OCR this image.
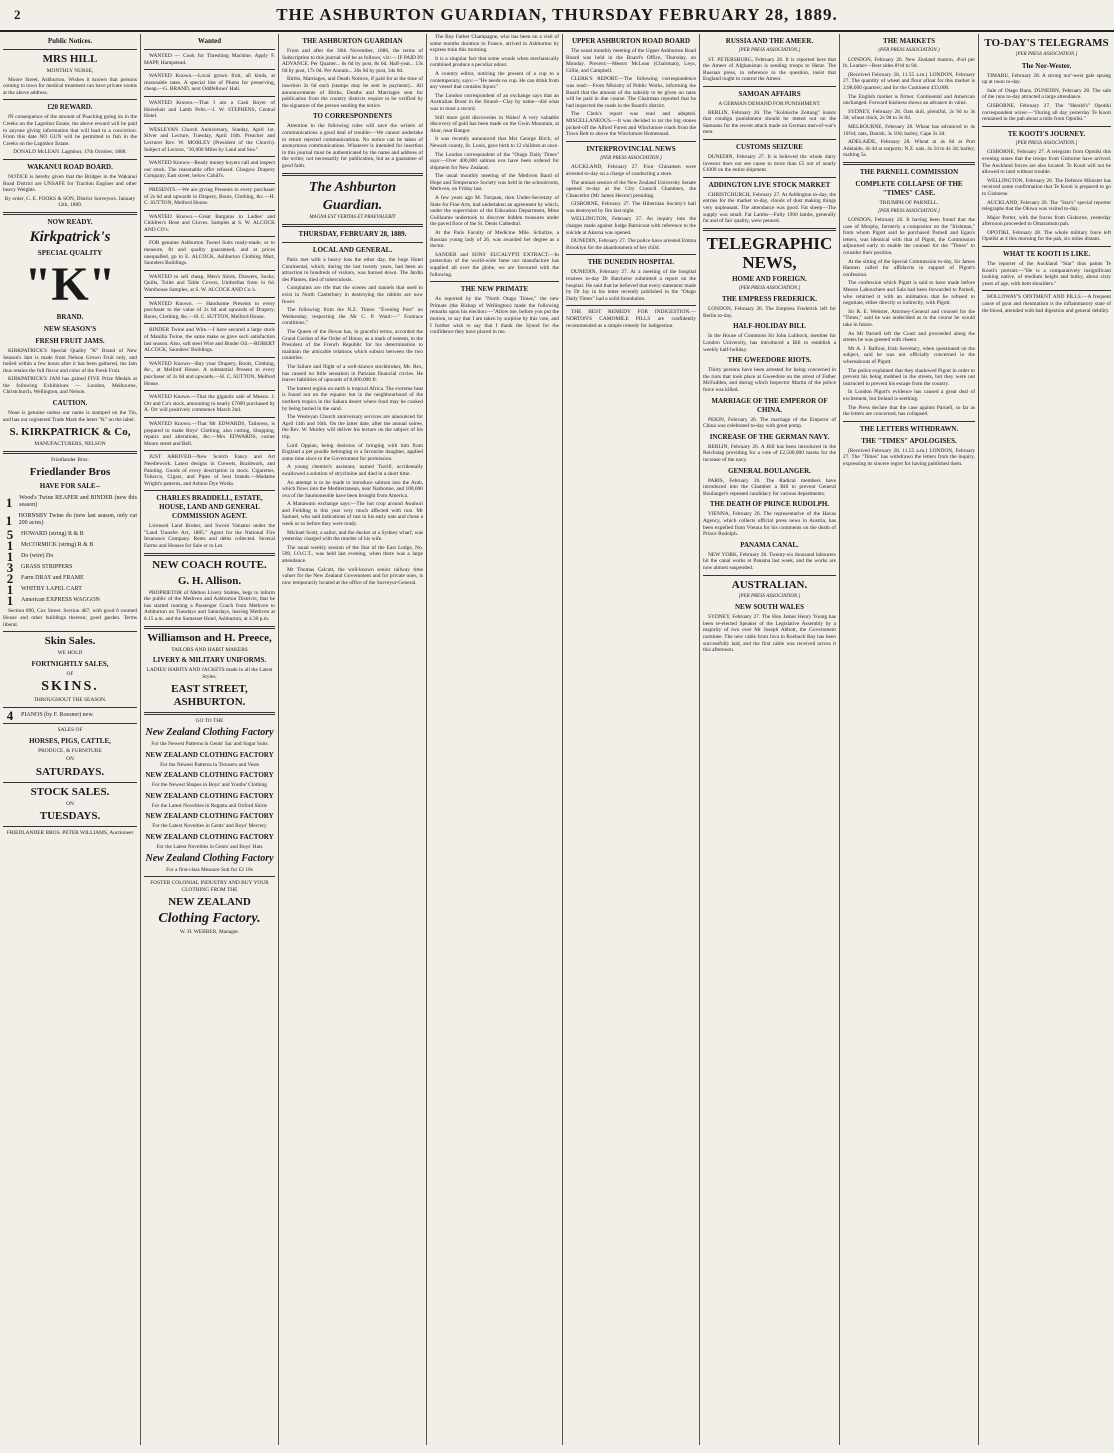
2	THE ASHBURTON GUARDIAN, THURSDAY FEBRUARY 28, 1889.
Public Notices.
MRS HILL
MONTHLY NURSE,

Moore Street, Ashburton, Wishes it known that persons coming to town for medical treatment can have private rooms at the above address.

£20 REWARD.

IN consequence of the amount of Poaching going on in the Creeks on the Lagmhor Estate, the above reward will be paid to anyone giving information that will lead to a conviction. From this date NO GUN will be permitted to fish in the Creeks on the Lagmhor Estate.

DONALD McLEAN. Lagmhor, 17th October, 1888.
WAKANUI ROAD BOARD.

NOTICE is hereby given that the Bridges in the Wakanui Road District are UNSAFE for Traction Engines and other heavy Weights.

By order, C. E. FOOKS & SON, District Surveyors. January 12th, 1889.
NOW READY.
Kirkpatrick's
SPECIAL QUALITY
"K"
BRAND.
NEW SEASON'S
FRESH FRUIT JAMS.

KIRKPATRICK'S Special Quality "K" Brand of New Season's Jam is made from Nelson Grown Fruit only, and boiled within a few hours after it has been gathered, the Jam thus retains the full flavor and color of the Fresh Fruit.

KIRKPATRICK'S JAM has gained FIVE Prize Medals at the following Exhibitions — London, Melbourne, Christchurch, Wellington, and Nelson.

CAUTION.

None is genuine unless our name is stamped on the Tin, and has our registered Trade Mark the letter "K" on the label.

S. KIRKPATRICK & Co,
MANUFACTURERS, NELSON
Friedlander Bros.
Friedlander Bros
HAVE FOR SALE--
1	Wood's Twine REAPER and BINDER (new this season)
1	HORNSBY Twine do (new last season, only cut 200 acres)
5	HOWARD (string) R & B
1	McCORMICK (string) R & B
1	Do (wire) Do
3	GRASS STRIPPERS
2	Farm DRAY and FRAME
1	WHITBY LAPEL CART
1	American EXPRESS WAGGON

Section 890, Cox Street. Section 487, with good 6 roomed House and other buildings thereon; good garden. Terms liberal.

Skin Sales.
WE HOLD
FORTNIGHTLY SALES,
OF
SKINS.
THROUGHOUT THE SEASON.
4	PIANOS (by F. Roesner) new.
SALES OF
HORSES, PIGS, CATTLE,
PRODUCE, & FURNITURE
ON
SATURDAYS.
STOCK SALES.
ON
TUESDAYS.
FRIEDLANDER BROS. PETER WILLIAMS, Auctioneer
Wanted

WANTED — Cook for Threshing Machine. Apply F. MAPP, Hampstead.

WANTED Known.—Local grown fruit, all kinds, at reasonable rates. A special line of Plums for preserving, cheap.—G. BRAND, next Oddfellows' Hall.

WANTED Known.—That I am a Cash Buyer of Horsehair and Lamb Pelts.—J. W. STEPHENS, Central Hotel.

WESLEYAN Church Anniversary, Sunday, April 1st. Silver and Lecture, Tuesday, April 16th. Preacher and Lecturer Rev. W. MORLEY (President of the Church). Subject of Lecture, "30,000 Miles by Land and Sea."

WANTED Known—Ready money buyers call and inspect our stock. The reasonable offer refused. Glasgow Drapery Company, East street, below Cahill's.

PRESENTS.—We are giving Presents to every purchaser of 2s 6d and upwards in Drapery, Boots, Clothing, &c.—H. C. SUTTON, Melford House.

WANTED Known.—Great Bargains in Ladies' and Children's Hose and Gloves. Samples at S. W. ALCOCK AND CO's.

FOR genuine Ashburton Tweed Suits ready-made, or to measure, fit and quality guaranteed, and at prices unequalled, go to E. ALCOCK, Ashburton Clothing Mart, Saunders Buildings.

WANTED to sell cheap, Men's Shirts, Drawers, Socks, Quilts, Toilet and Table Covers, Umbrellas from 1s 6d. Warehouse Samples, at S. W. ALCOCK AND Co.'s.

WANTED Known. — Handsome Presents to every purchaser to the value of 2s 6d and upwards of Drapery, Boots, Clothing, &c.—H. C. SUTTON, Melford House.

BINDER Twine and Wire.—I have secured a large stock of Manilla Twine, the same make as gave such satisfaction last season. Also, soft steel Wire and Binder Oil.—ROBERT ALCOCK, Saunders' Buildings.

WANTED Known—Buy your Drapery, Boots, Clothing, &c., at Melford House. A substantial Present to every purchaser of 2s 6d and upwards.—H. C. SUTTON, Melford House.

WANTED Known.—That the gigantic sale of Messrs. J. Orr and Co's stock, amounting to nearly £7000 purchased by A. Orr will positively commence March 2nd.

WANTED Known.—That Mr EDWARDS, Tailoress, is prepared to make Boys' Clothing, also cutting, Shopping, repairs and alterations, &c.—Mrs EDWARDS, corner Moore street and Bell.

JUST ARRIVED—New Scotch Fancy and Art Needlework. Latest designs in Crewels, Braidwork, and Painting. Goods of every description in stock. Cigarettes, Tobacco, Cigars, and Pipes of best brands.—Madame Wright's patterns, and Ashton Dye Works.

CHARLES BRADDELL, ESTATE, HOUSE, LAND AND GENERAL COMMISSION AGENT.

Licensed Land Broker, and Sworn Valuator under the "Land Transfer Act, 1885." Agent for the National Fire Insurance Company. Rents and debts collected. Several Farms and Houses for Sale or to Let.

NEW COACH ROUTE.
G. H. Allison.

PROPRIETOR of Melton Livery Stables, begs to inform the public of the Methven and Ashburton Districts, that he has started running a Passenger Coach from Methven to Ashburton on Tuesdays and Saturdays, leaving Methven at 8.15 a.m. and the Somerset Hotel, Ashburton, at 4.30 p.m.

Williamson and H. Preece,
TAILORS AND HABIT MAKERS
LIVERY & MILITARY UNIFORMS.
LADIES' HABITS AND JACKETS made in all the Latest Styles.
EAST STREET, ASHBURTON.
GO TO THE
New Zealand Clothing Factory
For the Newest Patterns in Gents' Sac and Sugar Suits
NEW ZEALAND CLOTHING FACTORY
For the Newest Patterns in Trousers and Vests
NEW ZEALAND CLOTHING FACTORY
For the Newest Shapes in Boys' and Youths' Clothing
NEW ZEALAND CLOTHING FACTORY
For the Latest Novelties in Regatta and Oxford Shirts
NEW ZEALAND CLOTHING FACTORY
For the Latest Novelties in Gents' and Boys' Mercery
NEW ZEALAND CLOTHING FACTORY
For the Latest Novelties in Gents' and Boys' Hats
New Zealand Clothing Factory
For a first-class Measure Suit for £2 10s
FOSTER COLONIAL INDUSTRY AND BUY YOUR CLOTHING FROM THE
NEW ZEALAND
Clothing Factory.
W. H. WEBBER, Manager.
THE ASHBURTON GUARDIAN

From and after the 30th November, 1886, the terms of Subscription to this journal will be as follows, viz:— IF PAID IN ADVANCE. Per Quarter... 6s 6d by post, 8s 6d. Half-year... 13s 0d by post, 17s 0d. Per Annum... 26s 0d by post, 34s 0d.

Births, Marriages, and Death Notices, if paid for at the time of insertion 2s 6d each (stamps may be sent in payment)... All announcements of Births, Deaths and Marriages sent for publication from the country districts require to be verified by the signature of the person sending the notice.

TO CORRESPONDENTS

Attention to the following rules will save the writers of communications a good deal of trouble:—We cannot undertake to return rejected communications. No notice can be taken of anonymous communications. Whatever is intended for insertion in this journal must be authenticated by the name and address of the writer, not necessarily for publication, but as a guarantee of good faith.

The Ashburton Guardian.
MAGNA EST VERITAS ET PRAEVALEBIT
THURSDAY, FEBRUARY 28, 1889.
LOCAL AND GENERAL.

Paris met with a heavy loss the other day, the huge Hotel Continental, which, during the last twenty years, had been an attraction to hundreds of visitors, was burned down. The Jardin des Plantes, died of tuberculosis.

Complaints are rife that the scenes and tunnels that used to exist in North Canterbury in destroying the rabbits are now fewer.

The following from the N.Z. Times: "Evening Post" on Wednesday, respecting the Mr C. P. Ward:—" Footrace conditions."

The Queen of the Hovas has, in graceful terms, accorded the Grand Cordon of the Order of Honor, as a mark of esteem, to the President of the French Republic for his determination to maintain the amicable relations which subsist between the two countries.

The failure and flight of a well-known stockbroker, Mr. Rex, has caused no little sensation in Parisian financial circles. He leaves liabilities of upwards of 8,000,000 fr.

The hottest region on earth is tropical Africa. The extreme heat is found not on the equator but in the neighbourhood of the northern tropics in the Sahara desert where food may be cooked by being buried in the sand.

The Wesleyan Church anniversary services are announced for April 14th and 16th. On the latter date, after the annual soiree, the Rev. W. Morley will deliver his lecture on the subject of his trip.

Lord Oppian, being desirous of bringing with him from England a pet poodle belonging to a favourite daughter, applied some time since to the Government for permission.

A young chemist's assistant, named Turrill, accidentally swallowed a solution of strychnine and died in a short time.

An attempt is to be made to introduce salmon into the Arab, which flows into the Mediterranean, near Narbonne, and 100,000 ova of the Saumoneoide have been brought from America.

A Manawatu exchange says:—The hot crop around Awahuri and Feilding is this year very much affected with rust. Mr Samuel, who said indications of rust in his early oats and chose a week or so before they were ready.

Michael Scott, a sailor, and the docker at a Sydney wharf, was yesterday charged with the murder of his wife.

The usual weekly session of the Star of the East Lodge, No. 509, I.O.G.T., was held last evening, when there was a large attendance.

Mr Thomas Calcutt, the well-known senior railway time valuer for the New Zealand Government and for private ones, is now temporarily located at the office of the Surveyor-General.

The Boy Father Champagne, who has been on a visit of some months duration to France, arrived in Ashburton by express train this morning.

It is a singular fact that some woods when mechanically combined produce a peculiar odour.

A country editor, noticing the present of a cup to a contemporary, says:—"He needs no cup. He can drink from any vessel that contains liquor."

The London correspondent of an exchange says that an Australian Brunt in the Strand—Clay by name—did what was to most a record.

Still more gold discoveries in Wales! A very valuable discovery of gold has been made on the Gwin Mountain, at Abar, near Bangor.

It was recently announced that Mrs George Birch, of Newark county, St. Louis, gave birth to 12 children at once.

The London correspondent of the "Otago Daily Times" says:—Over 400,000 salmon ova have been ordered for shipment for New Zealand.

The usual monthly meeting of the Methven Band of Hope and Temperance Society was held in the schoolroom, Methven, on Friday last.

A few years ago M. Turquan, then Under-Secretary of State for Fine Arts, had undertaken an agreement by which, under the supervision of the Education Department, Mme Guillaume undertook to discover hidden treasures under the paved floor of the St. Denis Cathedral.

At the Paris Faculty of Medicine Mlle. Schultze, a Russian young lady of 26, was awarded her degree as a doctor.

SANDER and SONS' EUCALYPTI EXTRACT.—In protection of the world-wide fame our manufacture has supplied all over the globe, we are favoured with the following.

THE NEW PRIMATE

As reported by the "North Otago Times," the new Primate (the Bishop of Wellington) made the following remarks upon his election:—"Allow me, before you put the motion, to say that I am taken by surprise by this vote, and I further wish to say that I thank the Synod for the confidence they have placed in me.

UPPER ASHBURTON ROAD BOARD

The usual monthly meeting of the Upper Ashburton Road Board was held in the Board's Office, Thursday, on Monday. Present:—Messrs McLean (Chairman), Leys, Gillie, and Campbell.

CLERK'S REPORT.—The following correspondence was read:—From Ministry of Public Works, informing the Board that the amount of the subsidy to be given on rates will be paid in due course. The Chairman reported that he had inspected the roads in the Board's district.

The Clerk's report was read and adopted. MISCELLANEOUS.—It was decided to tar the big stones picked-off the Alford Forest and Winchmore roads from the Town Belt to above the Winchmore Homestead.

INTERPROVINCIAL NEWS
[PER PRESS ASSOCIATION.]

AUCKLAND, February 27. Four Chinamen were arrested to-day on a charge of conducting a store.

The annual session of the New Zealand University Senate opened to-day at the City Council Chambers, the Chancellor (Mr James Hector) presiding.

GISBORNE, February 27. The Hibernian Society's hall was destroyed by fire last night.

WELLINGTON, February 27. An inquiry into the charges made against Judge Barnicoat with reference to the suicide at Akaroa was opened.

DUNEDIN, February 27. The police have arrested Emma Brooklyn for the abandonment of her child.

THE DUNEDIN HOSPITAL

DUNEDIN, February 27. At a meeting of the hospital trustees to-day Dr Batchelor submitted a report on the hospital. He said that he believed that every statement made by Dr Jay in his letter recently published in the "Otago Daily Times" had a solid foundation.

THE BEST REMEDY FOR INDIGESTION.—NORTON'S CAMOMILE PILLS are confidently recommended as a simple remedy for indigestion.

RUSSIA AND THE AMEER.
[PER PRESS ASSOCIATION.]

ST. PETERSBURG, February 26. It is reported here that the Ameer of Afghanistan is sending troops to Herat. The Russian press, in reference to the question, insist that England ought to control the Ameer.

SAMOAN AFFAIRS
A GERMAN DEMAND FOR PUNISHMENT.

BERLIN, February 26. The "Kolnische Zeitung" insists that condign punishment should be meted out on the Samoans for the recent attack made on German men-of-war's men.

CUSTOMS SEIZURE

DUNEDIN, February 27. It is believed the whole dairy investor does not see cause to more than £5 out of nearly £1000 on the entire shipment.

ADDINGTON LIVE STOCK MARKET

CHRISTCHURCH, February 27. At Addington to-day, the entries for the market to-day, clouds of dust making things very unpleasant. The attendance was good. Fat sheep—The supply was small. Fat Lambs—Fully 1900 lambs, generally fat and of fair quality, were penned.

TELEGRAPHIC NEWS,
HOME AND FOREIGN.
[PER PRESS ASSOCIATION.]
THE EMPRESS FREDERICK.

LONDON, February 26. The Empress Frederick left for Berlin to-day.

HALF-HOLIDAY BILL

In the House of Commons Sir John Lubbock, member for London University, has introduced a Bill to establish a weekly half-holiday.

THE GWEEDORE RIOTS.

Thirty persons have been arrested for being concerned in the riots that took place at Gweedore on the arrest of Father McFadden, and during which Inspector Martin of the police force was killed.

MARRIAGE OF THE EMPEROR OF CHINA.

PEKIN, February 26. The marriage of the Emperor of China was celebrated to-day with great pomp.

INCREASE OF THE GERMAN NAVY.

BERLIN, February 26. A Bill has been introduced in the Reichstag providing for a vote of £2,500,000 marks for the increase of the navy.

GENERAL BOULANGER.

PARIS, February 26. The Radical members have introduced into the Chamber a Bill to prevent General Boulanger's repeated candidacy for various departments.

THE DEATH OF PRINCE RUDOLPH.

VIENNA, February 26. The representative of the Havas Agency, which collects official press news in Austria, has been expelled from Vienna for his comments on the death of Prince Rudolph.

PANAMA CANAL.

NEW YORK, February 26. Twenty-six thousand labourers hit the canal works at Panama last week, and the works are now almost suspended.

AUSTRALIAN.
[PER PRESS ASSOCIATION.]
NEW SOUTH WALES

SYDNEY, February 27. The Hon James Henry Young has been re-elected Speaker of the Legislative Assembly by a majority of two over Mr Joseph Abbott, the Government nominee. The new cable from Java to Roebuck Bay has been successfully laid, and the first cable was received across it this afternoon.

THE MARKETS
(PER PRESS ASSOCIATION.)

LONDON, February 26. New Zealand mutton, 4¼d per lb. Leather—Best sides 8½d to 9d.

(Received February 28, 11.55 a.m.) LONDON, February 27. The quantity of wheat and flour afloat for this market is 2,98,000 quarters; and for the Continent 433,000.

The English market is firmer. Continental and American unchanged. Forward business shows an advance in value.

SYDNEY, February 28. Oats dull, plentiful, 2s 9d to 3s 3d; wheat chick, 2s 9d to 3s 6d.

MELBOURNE, February 28. Wheat has advanced to 4s 10½d; oats, Danish, 3s 10d; barley, Cape 3s 3d.

ADELAIDE, February 28. Wheat at 4s 6d at Port Adelaide, 4s 4d at outports; N.Z. oats, 4s 2d to 4s 3d; barley, malting 5s.

THE PARNELL COMMISSION
COMPLETE COLLAPSE OF THE "TIMES" CASE.
TRIUMPH OF PARNELL.
[PER PRESS ASSOCIATION.]

LONDON, February 26. It having been found that the case of Murphy, formerly a compositor on the "Irishman," from whom Pigott said he purchased Parnell and Egan's letters, was identical with that of Pigott, the Commission adjourned early to enable the counsel for the "Times" to consider their position.

At the sitting of the Special Commission to-day, Sir James Hannen called for affidavits in support of Pigott's confession.

The confession which Pigott is said to have made before Messrs Labouchere and Sala had been forwarded to Parnell, who returned it with an intimation that he refused to negotiate, either directly or indirectly, with Pigott.

Sir R. E. Webster, Attorney-General and counsel for the "Times," said he was undecided as to the course he would take in future.

As Mr Parnell left the Court and proceeded along the streets he was greeted with cheers.

Mr A. J. Balfour, Irish Secretary, when questioned on the subject, said he was not officially concerned in the whereabouts of Pigott.

The police explained that they shadowed Pigott in order to prevent his being mobbed in the streets, but they were not instructed to prevent his escape from the country.

In London Pigott's evidence has caused a great deal of excitement, but Ireland is seething.

The Press declare that the case against Parnell, so far as the letters are concerned, has collapsed.

THE LETTERS WITHDRAWN.
THE "TIMES" APOLOGISES.

(Received February 28, 11.55 a.m.) LONDON, February 27. The "Times" has withdrawn the letters from the inquiry, expressing its sincere regret for having published them.

TO-DAY'S TELEGRAMS
[PER PRESS ASSOCIATION.]
The Nor-Wester.

TIMARU, February 28. A strong nor'-west gale sprang up at noon to-day.

Sale of Otago Runs. DUNEDIN, February 28. The sale of the runs to-day attracted a large attendance.

GISBORNE, February 27. The "Herald's" Opotiki correspondent wires:—"During all day yesterday Te Kooti remained in the pah about a mile from Opotiki."

TE KOOTI'S JOURNEY.
[PER PRESS ASSOCIATION.]

GISBORNE, February 27. A telegram from Opotiki this evening states that the troops from Gisborne have arrived. The Auckland forces are also located. Te Kooti will not be allowed to land without trouble.

WELLINGTON, February 28. The Defence Minister has received some confirmation that Te Kooti is prepared to go to Gisborne.

AUCKLAND, February 28. The "Star's" special reporter telegraphs that the Ohiwa was visited to-day.

Major Porter, with the forces from Gisborne, yesterday afternoon proceeded to Omaramutu pah.

OPOTIKI, February 28. The whole military force left Opotiki at 4 this morning for the pah, six miles distant.

WHAT TE KOOTI IS LIKE.

The reporter of the Auckland "Star" thus paints Te Kooti's portrait:—"He is a comparatively insignificant looking native, of medium height and bulky, about sixty years of age, with bent shoulders."

HOLLOWAY'S OINTMENT AND PILLS.—A frequent cause of gout and rheumatism is the inflammatory state of the blood, attended with bad digestion and general debility.
